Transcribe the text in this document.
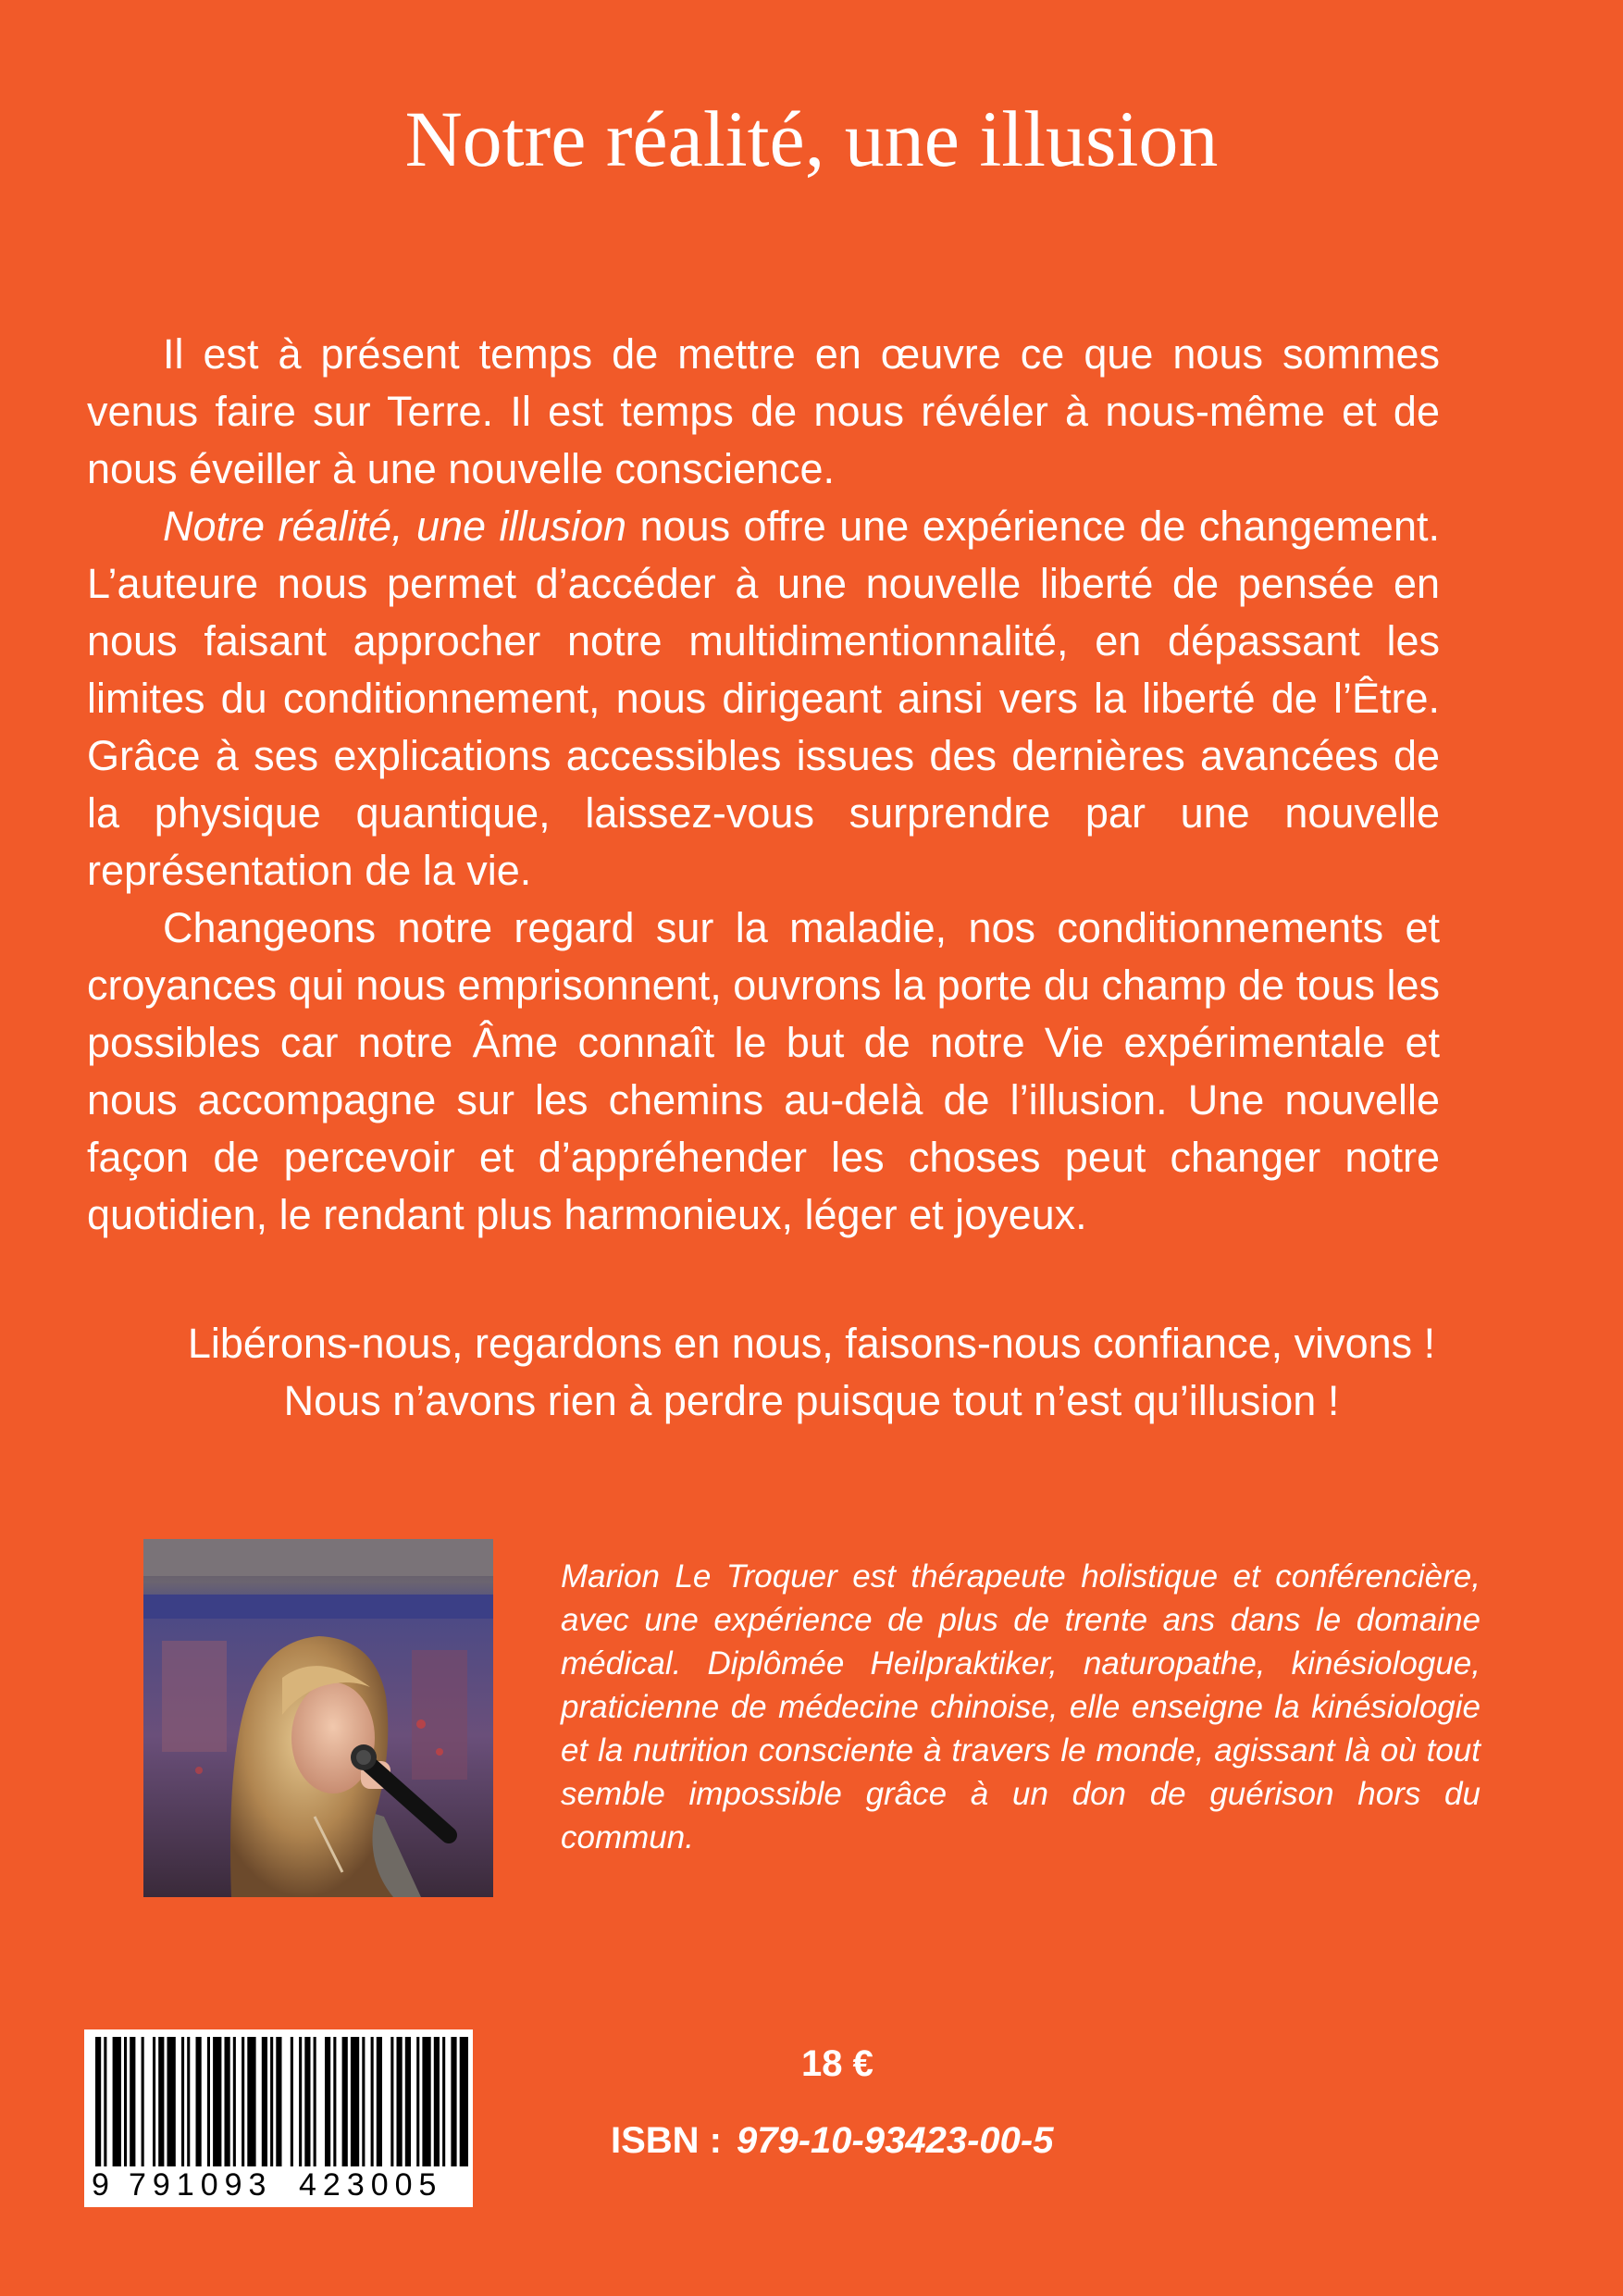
Notre réalité, une illusion

Il est à présent temps de mettre en œuvre ce que nous sommes venus faire sur Terre. Il est temps de nous révéler à nous-même et de nous éveiller à une nouvelle conscience.

Notre réalité, une illusion nous offre une expérience de changement. L’auteure nous permet d’accéder à une nouvelle liberté de pensée en nous faisant approcher notre multidimentionnalité, en dépassant les limites du conditionnement, nous dirigeant ainsi vers la liberté de l’Être. Grâce à ses explications accessibles issues des dernières avancées de la physique quantique, laissez-vous surprendre par une nouvelle représentation de la vie.

Changeons notre regard sur la maladie, nos conditionnements et croyances qui nous emprisonnent, ouvrons la porte du champ de tous les possibles car notre Âme connaît le but de notre Vie expérimentale et nous accompagne sur les chemins au-delà de l’illusion. Une nouvelle façon de percevoir et d’appréhender les choses peut changer notre quotidien, le rendant plus harmonieux, léger et joyeux.

Libérons-nous, regardons en nous, faisons-nous confiance, vivons !
Nous n’avons rien à perdre puisque tout n’est qu’illusion !

Marion Le Troquer est thérapeute holistique et conférencière, avec une expérience de plus de trente ans dans le domaine médical. Diplômée Heilpraktiker, naturopathe, kinésiologue, praticienne de médecine chinoise, elle enseigne la kinésiologie et la nutrition consciente à travers le monde, agissant là où tout semble impossible grâce à un don de guérison hors du commun.

9 791093 423005
18 €
ISBN : 979-10-93423-00-5
